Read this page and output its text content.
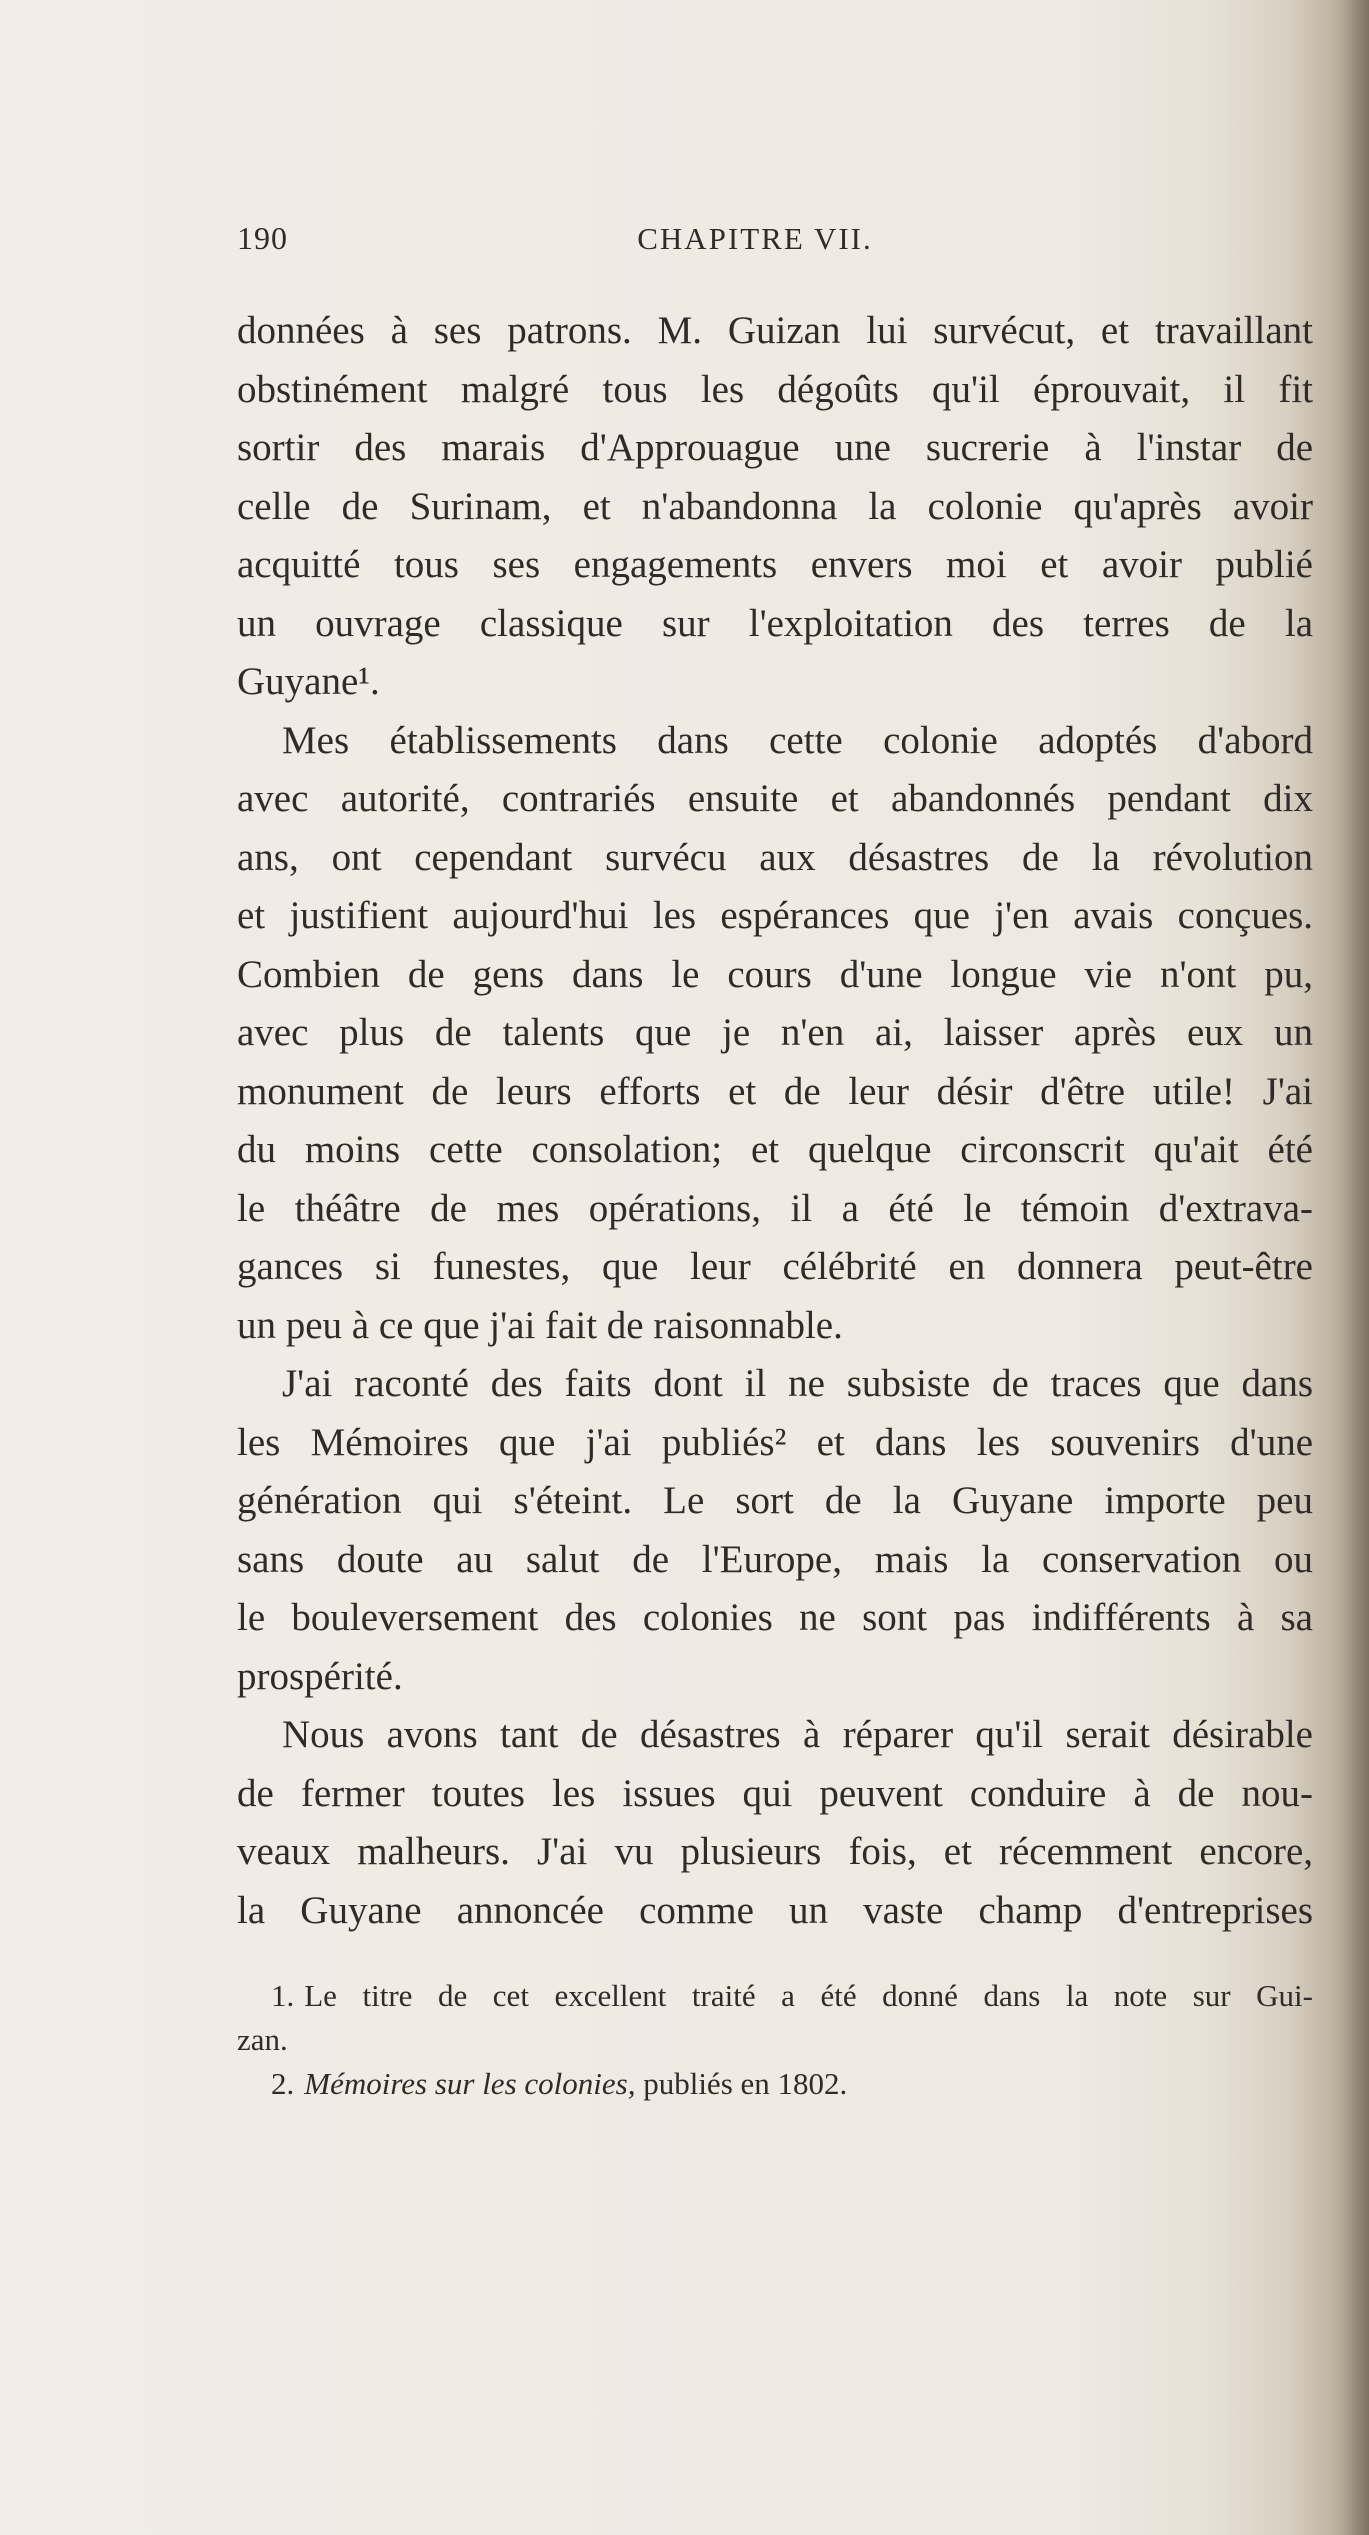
190	CHAPITRE VII.
données à ses patrons. M. Guizan lui survécut, et travaillant
obstinément malgré tous les dégoûts qu'il éprouvait, il fit
sortir des marais d'Approuague une sucrerie à l'instar de
celle de Surinam, et n'abandonna la colonie qu'après avoir
acquitté tous ses engagements envers moi et avoir publié
un ouvrage classique sur l'exploitation des terres de la
Guyane¹.
Mes établissements dans cette colonie adoptés d'abord
avec autorité, contrariés ensuite et abandonnés pendant dix
ans, ont cependant survécu aux désastres de la révolution
et justifient aujourd'hui les espérances que j'en avais conçues.
Combien de gens dans le cours d'une longue vie n'ont pu,
avec plus de talents que je n'en ai, laisser après eux un
monument de leurs efforts et de leur désir d'être utile! J'ai
du moins cette consolation; et quelque circonscrit qu'ait été
le théâtre de mes opérations, il a été le témoin d'extrava-
gances si funestes, que leur célébrité en donnera peut-être
un peu à ce que j'ai fait de raisonnable.
J'ai raconté des faits dont il ne subsiste de traces que dans
les Mémoires que j'ai publiés² et dans les souvenirs d'une
génération qui s'éteint. Le sort de la Guyane importe peu
sans doute au salut de l'Europe, mais la conservation ou
le bouleversement des colonies ne sont pas indifférents à sa
prospérité.
Nous avons tant de désastres à réparer qu'il serait désirable
de fermer toutes les issues qui peuvent conduire à de nou-
veaux malheurs. J'ai vu plusieurs fois, et récemment encore,
la Guyane annoncée comme un vaste champ d'entreprises
1. Le titre de cet excellent traité a été donné dans la note sur Gui-
zan.
2. Mémoires sur les colonies, publiés en 1802.
